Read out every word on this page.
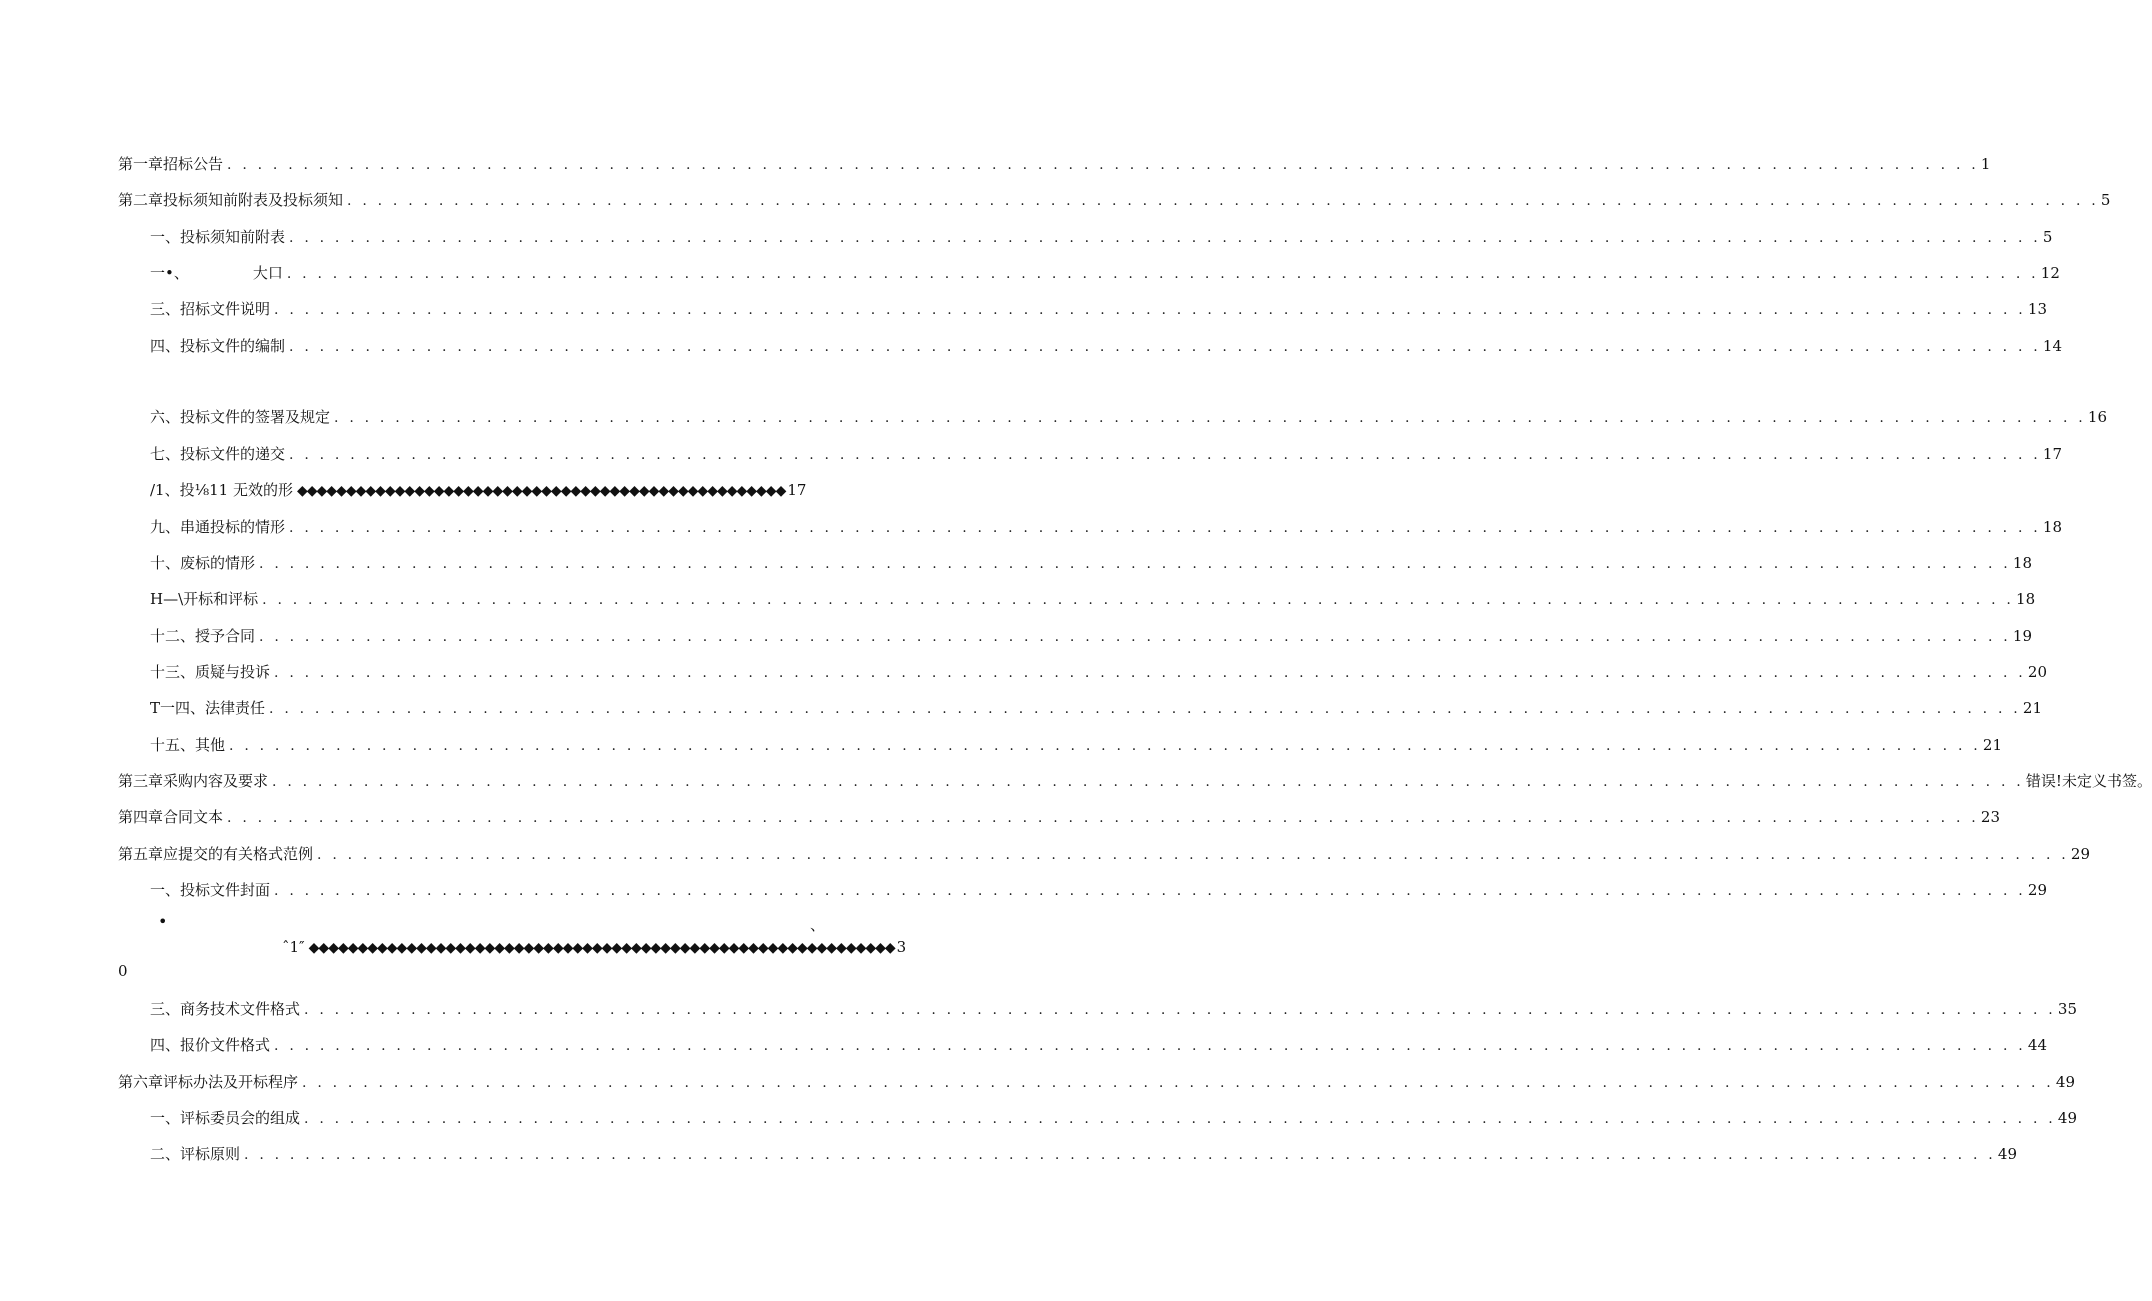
第一章招标公告 . . . . . . . . . . . . . . . . . . . . . . . . . . . . . . . . . . . . . . . . . . . . . . . . . . . . . . . . . . . . . . . . . . . . . . . . . . . . . . . . . . . . . . . . . . . . . . . . . . . . . . . . . . . . . . . . . . . 1
第二章投标须知前附表及投标须知 . . . . . . . . . . . . . . . . . . . . . . . . . . . . . . . . . . . . . . . . . . . . . . . . . . . . . . . . . . . . . . . . . . . . . . . . . . . . . . . . . . . . . . . . . . . . . . . . . . . . . . . . . . . . . . . . . . . 5
一、投标须知前附表 . . . . . . . . . . . . . . . . . . . . . . . . . . . . . . . . . . . . . . . . . . . . . . . . . . . . . . . . . . . . . . . . . . . . . . . . . . . . . . . . . . . . . . . . . . . . . . . . . . . . . . . . . . . . . . . . . . . 5
一•、	大口 . . . . . . . . . . . . . . . . . . . . . . . . . . . . . . . . . . . . . . . . . . . . . . . . . . . . . . . . . . . . . . . . . . . . . . . . . . . . . . . . . . . . . . . . . . . . . . . . . . . . . . . . . . . . . . . . . . . 12
三、招标文件说明 . . . . . . . . . . . . . . . . . . . . . . . . . . . . . . . . . . . . . . . . . . . . . . . . . . . . . . . . . . . . . . . . . . . . . . . . . . . . . . . . . . . . . . . . . . . . . . . . . . . . . . . . . . . . . . . . . . . 13
四、投标文件的编制 . . . . . . . . . . . . . . . . . . . . . . . . . . . . . . . . . . . . . . . . . . . . . . . . . . . . . . . . . . . . . . . . . . . . . . . . . . . . . . . . . . . . . . . . . . . . . . . . . . . . . . . . . . . . . . . . . . . 14
六、投标文件的签署及规定 . . . . . . . . . . . . . . . . . . . . . . . . . . . . . . . . . . . . . . . . . . . . . . . . . . . . . . . . . . . . . . . . . . . . . . . . . . . . . . . . . . . . . . . . . . . . . . . . . . . . . . . . . . . . . . . . . . . 16
七、投标文件的递交 . . . . . . . . . . . . . . . . . . . . . . . . . . . . . . . . . . . . . . . . . . . . . . . . . . . . . . . . . . . . . . . . . . . . . . . . . . . . . . . . . . . . . . . . . . . . . . . . . . . . . . . . . . . . . . . . . . . 17
/1、投⅛11 无效的形 ◆◆◆◆◆◆◆◆◆◆◆◆◆◆◆◆◆◆◆◆◆◆◆◆◆◆◆◆◆◆◆◆◆◆◆◆◆◆◆◆◆◆◆◆◆◆◆◆◆◆ 17
九、串通投标的情形 . . . . . . . . . . . . . . . . . . . . . . . . . . . . . . . . . . . . . . . . . . . . . . . . . . . . . . . . . . . . . . . . . . . . . . . . . . . . . . . . . . . . . . . . . . . . . . . . . . . . . . . . . . . . . . . . . . . 18
十、废标的情形 . . . . . . . . . . . . . . . . . . . . . . . . . . . . . . . . . . . . . . . . . . . . . . . . . . . . . . . . . . . . . . . . . . . . . . . . . . . . . . . . . . . . . . . . . . . . . . . . . . . . . . . . . . . . . . . . . . . 18
H—\开标和评标 . . . . . . . . . . . . . . . . . . . . . . . . . . . . . . . . . . . . . . . . . . . . . . . . . . . . . . . . . . . . . . . . . . . . . . . . . . . . . . . . . . . . . . . . . . . . . . . . . . . . . . . . . . . . . . . . . . . 18
十二、授予合同 . . . . . . . . . . . . . . . . . . . . . . . . . . . . . . . . . . . . . . . . . . . . . . . . . . . . . . . . . . . . . . . . . . . . . . . . . . . . . . . . . . . . . . . . . . . . . . . . . . . . . . . . . . . . . . . . . . . 19
十三、质疑与投诉 . . . . . . . . . . . . . . . . . . . . . . . . . . . . . . . . . . . . . . . . . . . . . . . . . . . . . . . . . . . . . . . . . . . . . . . . . . . . . . . . . . . . . . . . . . . . . . . . . . . . . . . . . . . . . . . . . . . 20
T一四、法律责任 . . . . . . . . . . . . . . . . . . . . . . . . . . . . . . . . . . . . . . . . . . . . . . . . . . . . . . . . . . . . . . . . . . . . . . . . . . . . . . . . . . . . . . . . . . . . . . . . . . . . . . . . . . . . . . . . . . . 21
十五、其他 . . . . . . . . . . . . . . . . . . . . . . . . . . . . . . . . . . . . . . . . . . . . . . . . . . . . . . . . . . . . . . . . . . . . . . . . . . . . . . . . . . . . . . . . . . . . . . . . . . . . . . . . . . . . . . . . . . . 21
第三章采购内容及要求 . . . . . . . . . . . . . . . . . . . . . . . . . . . . . . . . . . . . . . . . . . . . . . . . . . . . . . . . . . . . . . . . . . . . . . . . . . . . . . . . . . . . . . . . . . . . . . . . . . . . . . . . . . . . . . . . . . . 错误!未定义书签。
第四章合同文本 . . . . . . . . . . . . . . . . . . . . . . . . . . . . . . . . . . . . . . . . . . . . . . . . . . . . . . . . . . . . . . . . . . . . . . . . . . . . . . . . . . . . . . . . . . . . . . . . . . . . . . . . . . . . . . . . . . . 23
第五章应提交的有关格式范例 . . . . . . . . . . . . . . . . . . . . . . . . . . . . . . . . . . . . . . . . . . . . . . . . . . . . . . . . . . . . . . . . . . . . . . . . . . . . . . . . . . . . . . . . . . . . . . . . . . . . . . . . . . . . . . . . . . . 29
一、投标文件封面 . . . . . . . . . . . . . . . . . . . . . . . . . . . . . . . . . . . . . . . . . . . . . . . . . . . . . . . . . . . . . . . . . . . . . . . . . . . . . . . . . . . . . . . . . . . . . . . . . . . . . . . . . . . . . . . . . . . 29
•	、
ˆ1″ ◆◆◆◆◆◆◆◆◆◆◆◆◆◆◆◆◆◆◆◆◆◆◆◆◆◆◆◆◆◆◆◆◆◆◆◆◆◆◆◆◆◆◆◆◆◆◆◆◆◆◆◆◆◆◆◆◆◆◆◆ 3
0
三、商务技术文件格式 . . . . . . . . . . . . . . . . . . . . . . . . . . . . . . . . . . . . . . . . . . . . . . . . . . . . . . . . . . . . . . . . . . . . . . . . . . . . . . . . . . . . . . . . . . . . . . . . . . . . . . . . . . . . . . . . . . . 35
四、报价文件格式 . . . . . . . . . . . . . . . . . . . . . . . . . . . . . . . . . . . . . . . . . . . . . . . . . . . . . . . . . . . . . . . . . . . . . . . . . . . . . . . . . . . . . . . . . . . . . . . . . . . . . . . . . . . . . . . . . . . 44
第六章评标办法及开标程序 . . . . . . . . . . . . . . . . . . . . . . . . . . . . . . . . . . . . . . . . . . . . . . . . . . . . . . . . . . . . . . . . . . . . . . . . . . . . . . . . . . . . . . . . . . . . . . . . . . . . . . . . . . . . . . . . . . . 49
一、评标委员会的组成 . . . . . . . . . . . . . . . . . . . . . . . . . . . . . . . . . . . . . . . . . . . . . . . . . . . . . . . . . . . . . . . . . . . . . . . . . . . . . . . . . . . . . . . . . . . . . . . . . . . . . . . . . . . . . . . . . . . 49
二、评标原则 . . . . . . . . . . . . . . . . . . . . . . . . . . . . . . . . . . . . . . . . . . . . . . . . . . . . . . . . . . . . . . . . . . . . . . . . . . . . . . . . . . . . . . . . . . . . . . . . . . . . . . . . . . . . . . . . . . . 49
